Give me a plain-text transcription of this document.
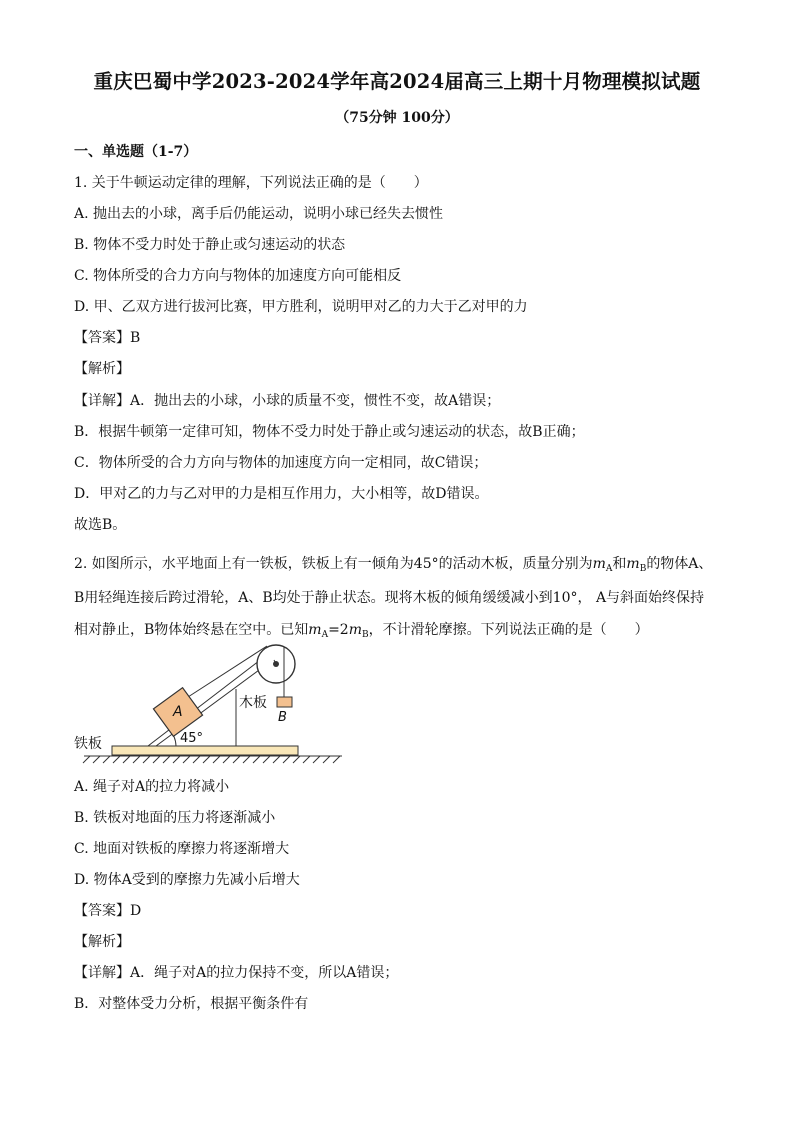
重庆巴蜀中学2023-2024学年高2024届高三上期十月物理模拟试题
（75分钟 100分）
一、单选题（1-7）
1. 关于牛顿运动定律的理解，下列说法正确的是（　　）
A. 抛出去的小球，离手后仍能运动，说明小球已经失去惯性
B. 物体不受力时处于静止或匀速运动的状态
C. 物体所受的合力方向与物体的加速度方向可能相反
D. 甲、乙双方进行拔河比赛，甲方胜利，说明甲对乙的力大于乙对甲的力
【答案】B
【解析】
【详解】A．抛出去的小球，小球的质量不变，惯性不变，故A错误；
B．根据牛顿第一定律可知，物体不受力时处于静止或匀速运动的状态，故B正确；
C．物体所受的合力方向与物体的加速度方向一定相同，故C错误；
D．甲对乙的力与乙对甲的力是相互作用力，大小相等，故D错误。
故选B。
2. 如图所示，水平地面上有一铁板，铁板上有一倾角为45°的活动木板，质量分别为$m_A$和$m_B$的物体A、
B用轻绳连接后跨过滑轮，A、B均处于静止状态。现将木板的倾角缓缓减小到10°， A与斜面始终保持
相对静止，B物体始终悬在空中。已知$m_A=2m_B$，不计滑轮摩擦。下列说法正确的是（　　）
A	B
木板
铁板	45°
A. 绳子对A的拉力将减小
B. 铁板对地面的压力将逐渐减小
C. 地面对铁板的摩擦力将逐渐增大
D. 物体A受到的摩擦力先减小后增大
【答案】D
【解析】
【详解】A．绳子对A的拉力保持不变，所以A错误；
B．对整体受力分析，根据平衡条件有
